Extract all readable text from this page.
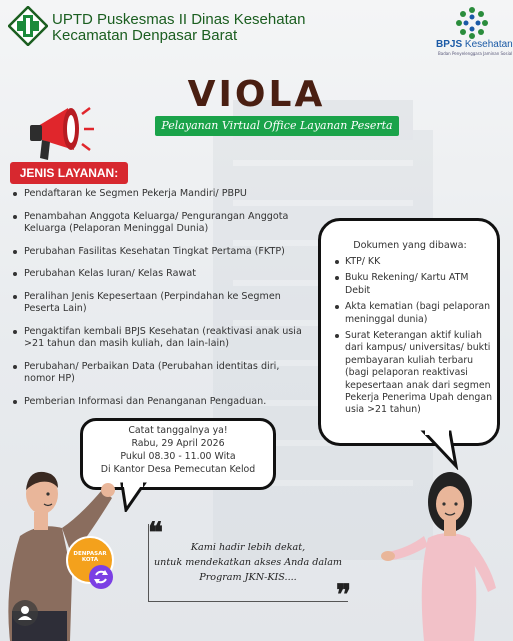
UPTD Puskesmas II Dinas Kesehatan
Kecamatan Denpasar Barat
BPJS Kesehatan
Badan Penyelenggara Jaminan Sosial
VIOLA
Pelayanan Virtual Office Layanan Peserta
JENIS LAYANAN:
Pendaftaran ke Segmen Pekerja Mandiri/ PBPU
Penambahan Anggota Keluarga/ Pengurangan Anggota Keluarga (Pelaporan Meninggal Dunia)
Perubahan Fasilitas Kesehatan Tingkat Pertama (FKTP)
Perubahan Kelas Iuran/ Kelas Rawat
Peralihan Jenis Kepesertaan (Perpindahan ke Segmen Peserta Lain)
Pengaktifan kembali BPJS Kesehatan (reaktivasi anak usia >21 tahun dan masih kuliah, dan lain-lain)
Perubahan/ Perbaikan Data (Perubahan identitas diri, nomor HP)
Pemberian Informasi dan Penanganan Pengaduan.
Dokumen yang dibawa:
KTP/ KK
Buku Rekening/ Kartu ATM Debit
Akta kematian (bagi pelaporan meninggal dunia)
Surat Keterangan aktif kuliah dari kampus/ universitas/ bukti pembayaran kuliah terbaru (bagi pelaporan reaktivasi kepesertaan anak dari segmen Pekerja Penerima Upah dengan usia >21 tahun)
Catat tanggalnya ya!
Rabu, 29 April 2026
Pukul 08.30 - 11.00 Wita
Di Kantor Desa Pemecutan Kelod
❝
❞
Kami hadir lebih dekat,
untuk mendekatkan akses Anda dalam
Program JKN-KIS....
DENPASAR
KOTA
